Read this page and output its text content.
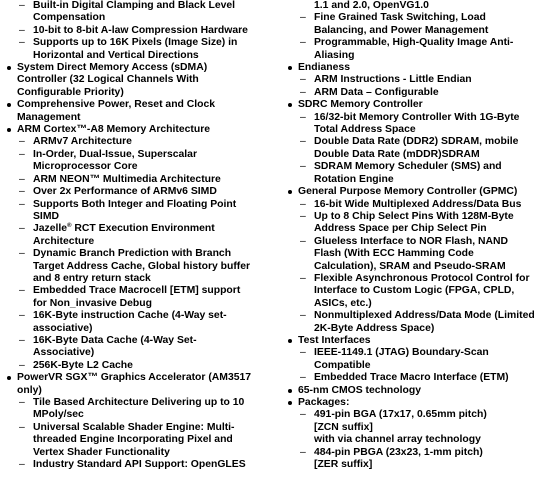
– Built-in Digital Clamping and Black Level
Compensation
– 10-bit to 8-bit A-law Compression Hardware
– Supports up to 16K Pixels (Image Size) in
Horizontal and Vertical Directions
System Direct Memory Access (sDMA)
Controller (32 Logical Channels With
Configurable Priority)
Comprehensive Power, Reset and Clock
Management
ARM Cortex™-A8 Memory Architecture
– ARMv7 Architecture
– In-Order, Dual-Issue, Superscalar
Microprocessor Core
– ARM NEON™ Multimedia Architecture
– Over 2x Performance of ARMv6 SIMD
– Supports Both Integer and Floating Point
SIMD
– Jazelle® RCT Execution Environment
Architecture
– Dynamic Branch Prediction with Branch
Target Address Cache, Global history buffer
and 8 entry return stack
– Embedded Trace Macrocell [ETM] support
for Non_invasive Debug
– 16K-Byte instruction Cache (4-Way set-
associative)
– 16K-Byte Data Cache (4-Way Set-
Associative)
– 256K-Byte L2 Cache
PowerVR SGX™ Graphics Accelerator (AM3517
only)
– Tile Based Architecture Delivering up to 10
MPoly/sec
– Universal Scalable Shader Engine: Multi-
threaded Engine Incorporating Pixel and
Vertex Shader Functionality
– Industry Standard API Support: OpenGLES
1.1 and 2.0, OpenVG1.0
– Fine Grained Task Switching, Load
Balancing, and Power Management
– Programmable, High-Quality Image Anti-
Aliasing
Endianess
– ARM Instructions - Little Endian
– ARM Data – Configurable
SDRC Memory Controller
– 16/32-bit Memory Controller With 1G-Byte
Total Address Space
– Double Data Rate (DDR2) SDRAM, mobile
Double Data Rate (mDDR)SDRAM
– SDRAM Memory Scheduler (SMS) and
Rotation Engine
General Purpose Memory Controller (GPMC)
– 16-bit Wide Multiplexed Address/Data Bus
– Up to 8 Chip Select Pins With 128M-Byte
Address Space per Chip Select Pin
– Glueless Interface to NOR Flash, NAND
Flash (With ECC Hamming Code
Calculation), SRAM and Pseudo-SRAM
– Flexible Asynchronous Protocol Control for
Interface to Custom Logic (FPGA, CPLD,
ASICs, etc.)
– Nonmultiplexed Address/Data Mode (Limited
2K-Byte Address Space)
Test Interfaces
– IEEE-1149.1 (JTAG) Boundary-Scan
Compatible
– Embedded Trace Macro Interface (ETM)
65-nm CMOS technology
Packages:
– 491-pin BGA (17x17, 0.65mm pitch)
[ZCN suffix]
with via channel array technology
– 484-pin PBGA (23x23, 1-mm pitch)
[ZER suffix]
